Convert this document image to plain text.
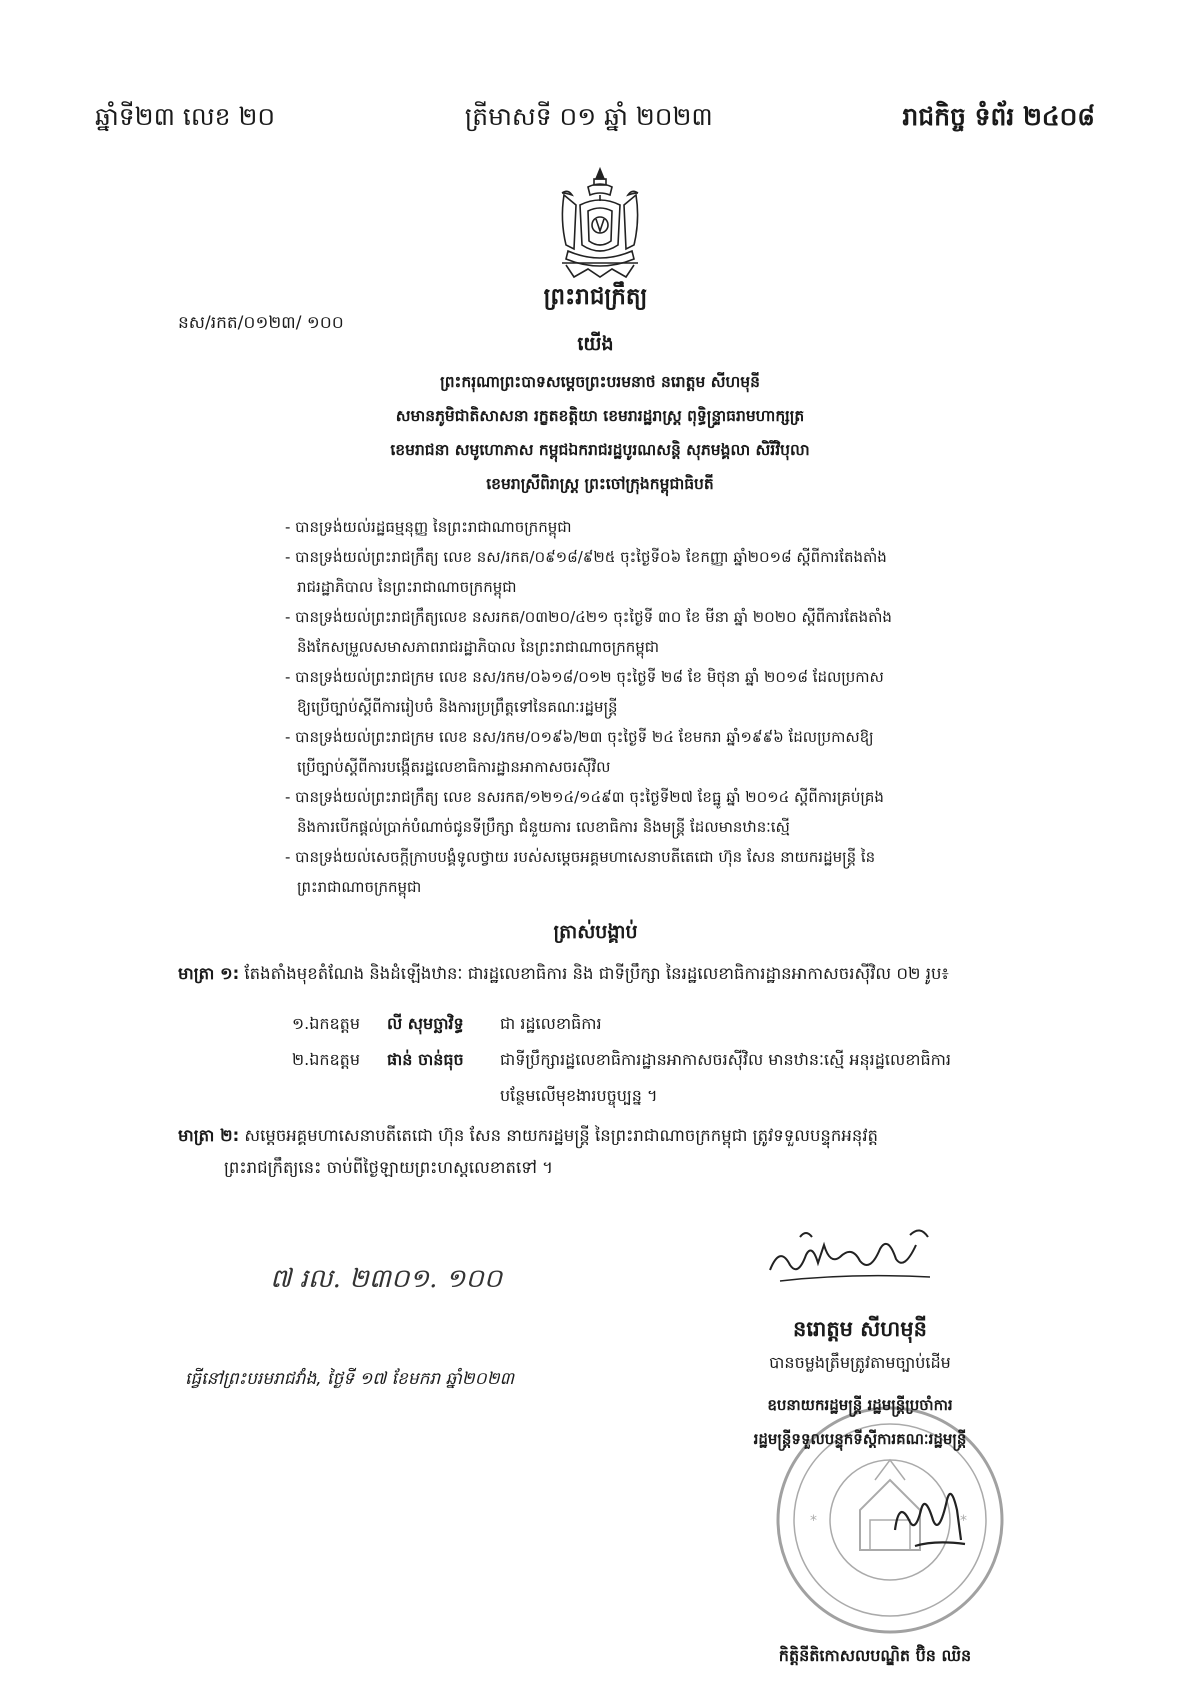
ឆ្នាំទី២៣ លេខ ២០	ត្រីមាសទី ០១ ឆ្នាំ ២០២៣	រាជកិច្ច ទំព័រ ២៤០៨
ព្រះរាជក្រឹត្យ
នស/រកត/០១២៣/ ១០០
យើង
ព្រះករុណាព្រះបាទសម្តេចព្រះបរមនាថ នរោត្តម សីហមុនី
សមានភូមិជាតិសាសនា រក្ខតខត្តិយា ខេមរារដ្ឋរាស្ត្រ ពុទ្ធិន្ទ្រាធរាមហាក្សត្រ
ខេមរាជនា សមូហោភាស កម្ពុជឯករាជរដ្ឋបូរណសន្តិ សុភមង្គលា សិរីវិបុលា
ខេមរាស្រីពិរាស្ត្រ ព្រះចៅក្រុងកម្ពុជាធិបតី
- បានទ្រង់យល់រដ្ឋធម្មនុញ្ញ នៃព្រះរាជាណាចក្រកម្ពុជា
- បានទ្រង់យល់ព្រះរាជក្រឹត្យ លេខ នស/រកត/០៩១៨/៩២៥ ចុះថ្ងៃទី០៦ ខែកញ្ញា ឆ្នាំ២០១៨ ស្តីពីការតែងតាំង
រាជរដ្ឋាភិបាល នៃព្រះរាជាណាចក្រកម្ពុជា
- បានទ្រង់យល់ព្រះរាជក្រឹត្យលេខ នសរកត/០៣២០/៤២១ ចុះថ្ងៃទី ៣០ ខែ មីនា ឆ្នាំ ២០២០ ស្តីពីការតែងតាំង
និងកែសម្រួលសមាសភាពរាជរដ្ឋាភិបាល នៃព្រះរាជាណាចក្រកម្ពុជា
- បានទ្រង់យល់ព្រះរាជក្រម លេខ នស/រកម/០៦១៨/០១២ ចុះថ្ងៃទី ២៨ ខែ មិថុនា ឆ្នាំ ២០១៨ ដែលប្រកាស
ឱ្យប្រើច្បាប់ស្តីពីការរៀបចំ និងការប្រព្រឹត្តទៅនៃគណៈរដ្ឋមន្ត្រី
- បានទ្រង់យល់ព្រះរាជក្រម លេខ នស/រកម/០១៩៦/២៣ ចុះថ្ងៃទី ២៤ ខែមករា ឆ្នាំ១៩៩៦ ដែលប្រកាសឱ្យ
ប្រើច្បាប់ស្តីពីការបង្កើតរដ្ឋលេខាធិការដ្ឋានអាកាសចរស៊ីវិល
- បានទ្រង់យល់ព្រះរាជក្រឹត្យ លេខ នសរកត/១២១៤/១៤៩៣ ចុះថ្ងៃទី២៧ ខែធ្នូ ឆ្នាំ ២០១៤ ស្តីពីការគ្រប់គ្រង
និងការបើកផ្តល់ប្រាក់បំណាច់ជូនទីប្រឹក្សា ជំនួយការ លេខាធិការ និងមន្ត្រី ដែលមានឋានៈស្មើ
- បានទ្រង់យល់សេចក្តីក្រាបបង្គំទូលថ្វាយ របស់សម្តេចអគ្គមហាសេនាបតីតេជោ ហ៊ុន សែន នាយករដ្ឋមន្ត្រី នៃ
ព្រះរាជាណាចក្រកម្ពុជា
ត្រាស់បង្គាប់
មាត្រា ១: តែងតាំងមុខតំណែង និងដំឡើងឋានៈ ជារដ្ឋលេខាធិការ និង ជាទីប្រឹក្សា នៃរដ្ឋលេខាធិការដ្ឋានអាកាសចរស៊ីវិល ០២ រូប៖
១.ឯកឧត្តម	លី សុមច្ឆាវិទ្ធ	ជា រដ្ឋលេខាធិការ
២.ឯកឧត្តម	ផាន់ ចាន់ធុច	ជាទីប្រឹក្សារដ្ឋលេខាធិការដ្ឋានអាកាសចរស៊ីវិល មានឋានៈស្មើ អនុរដ្ឋលេខាធិការ
បន្ថែមលើមុខងារបច្ចុប្បន្ន ។
មាត្រា ២: សម្តេចអគ្គមហាសេនាបតីតេជោ ហ៊ុន សែន នាយករដ្ឋមន្ត្រី នៃព្រះរាជាណាចក្រកម្ពុជា ត្រូវទទួលបន្ទុកអនុវត្ត
ព្រះរាជក្រឹត្យនេះ ចាប់ពីថ្ងៃឡាយព្រះហស្តលេខាតទៅ ។
៧ រល. ២៣០១. ១០០
ធ្វើនៅព្រះបរមរាជវាំង, ថ្ងៃទី ១៧ ខែមករា ឆ្នាំ២០២៣
នរោត្តម សីហមុនី
បានចម្លងត្រឹមត្រូវតាមច្បាប់ដើម
*	*
ឧបនាយករដ្ឋមន្ត្រី រដ្ឋមន្ត្រីប្រចាំការ
រដ្ឋមន្ត្រីទទួលបន្ទុកទីស្តីការគណៈរដ្ឋមន្ត្រី
កិត្តិនីតិកោសលបណ្ឌិត ប៊ិន ឈិន
